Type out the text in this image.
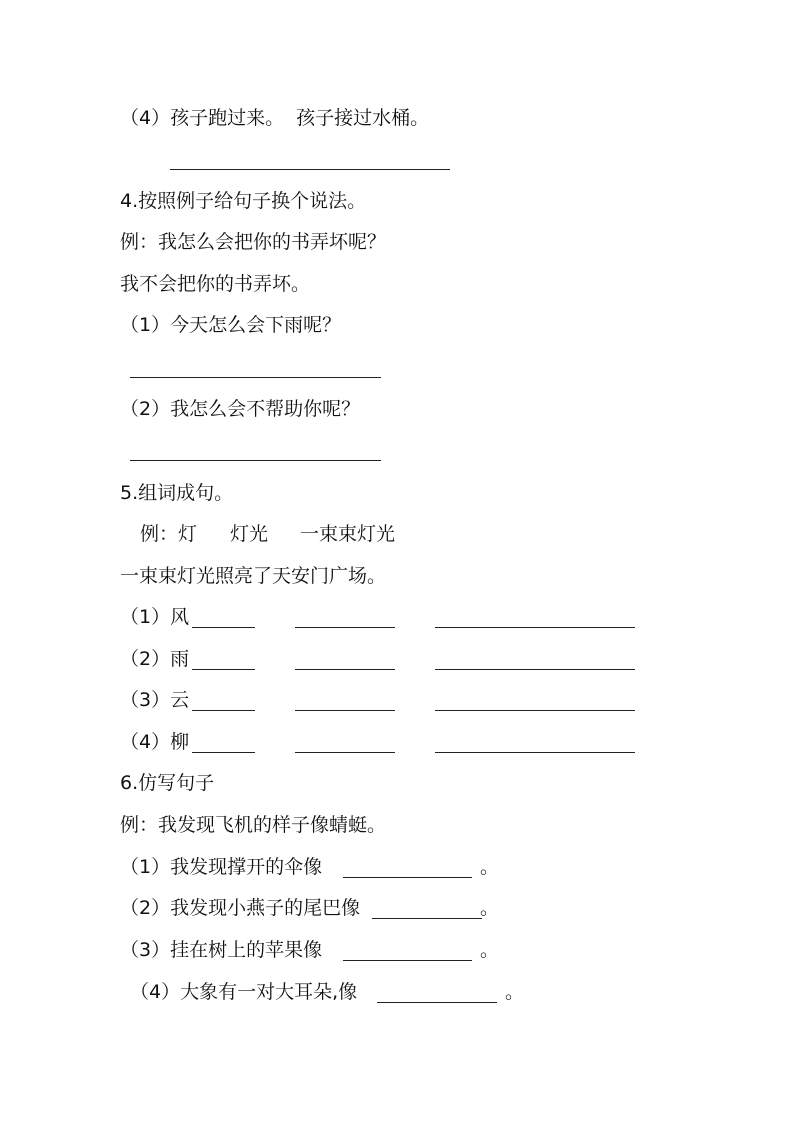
（4）孩子跑过来。  孩子接过水桶。
4.按照例子给句子换个说法。
例：我怎么会把你的书弄坏呢？
我不会把你的书弄坏。
（1）今天怎么会下雨呢？
（2）我怎么会不帮助你呢？
5.组词成句。
例：灯 灯光 一束束灯光
一束束灯光照亮了天安门广场。
（1）风
（2）雨
（3）云
（4）柳
6.仿写句子
例：我发现飞机的样子像蜻蜓。
（1）我发现撑开的伞像	。
（2）我发现小燕子的尾巴像	。
（3）挂在树上的苹果像	。
（4）大象有一对大耳朵,像	。
